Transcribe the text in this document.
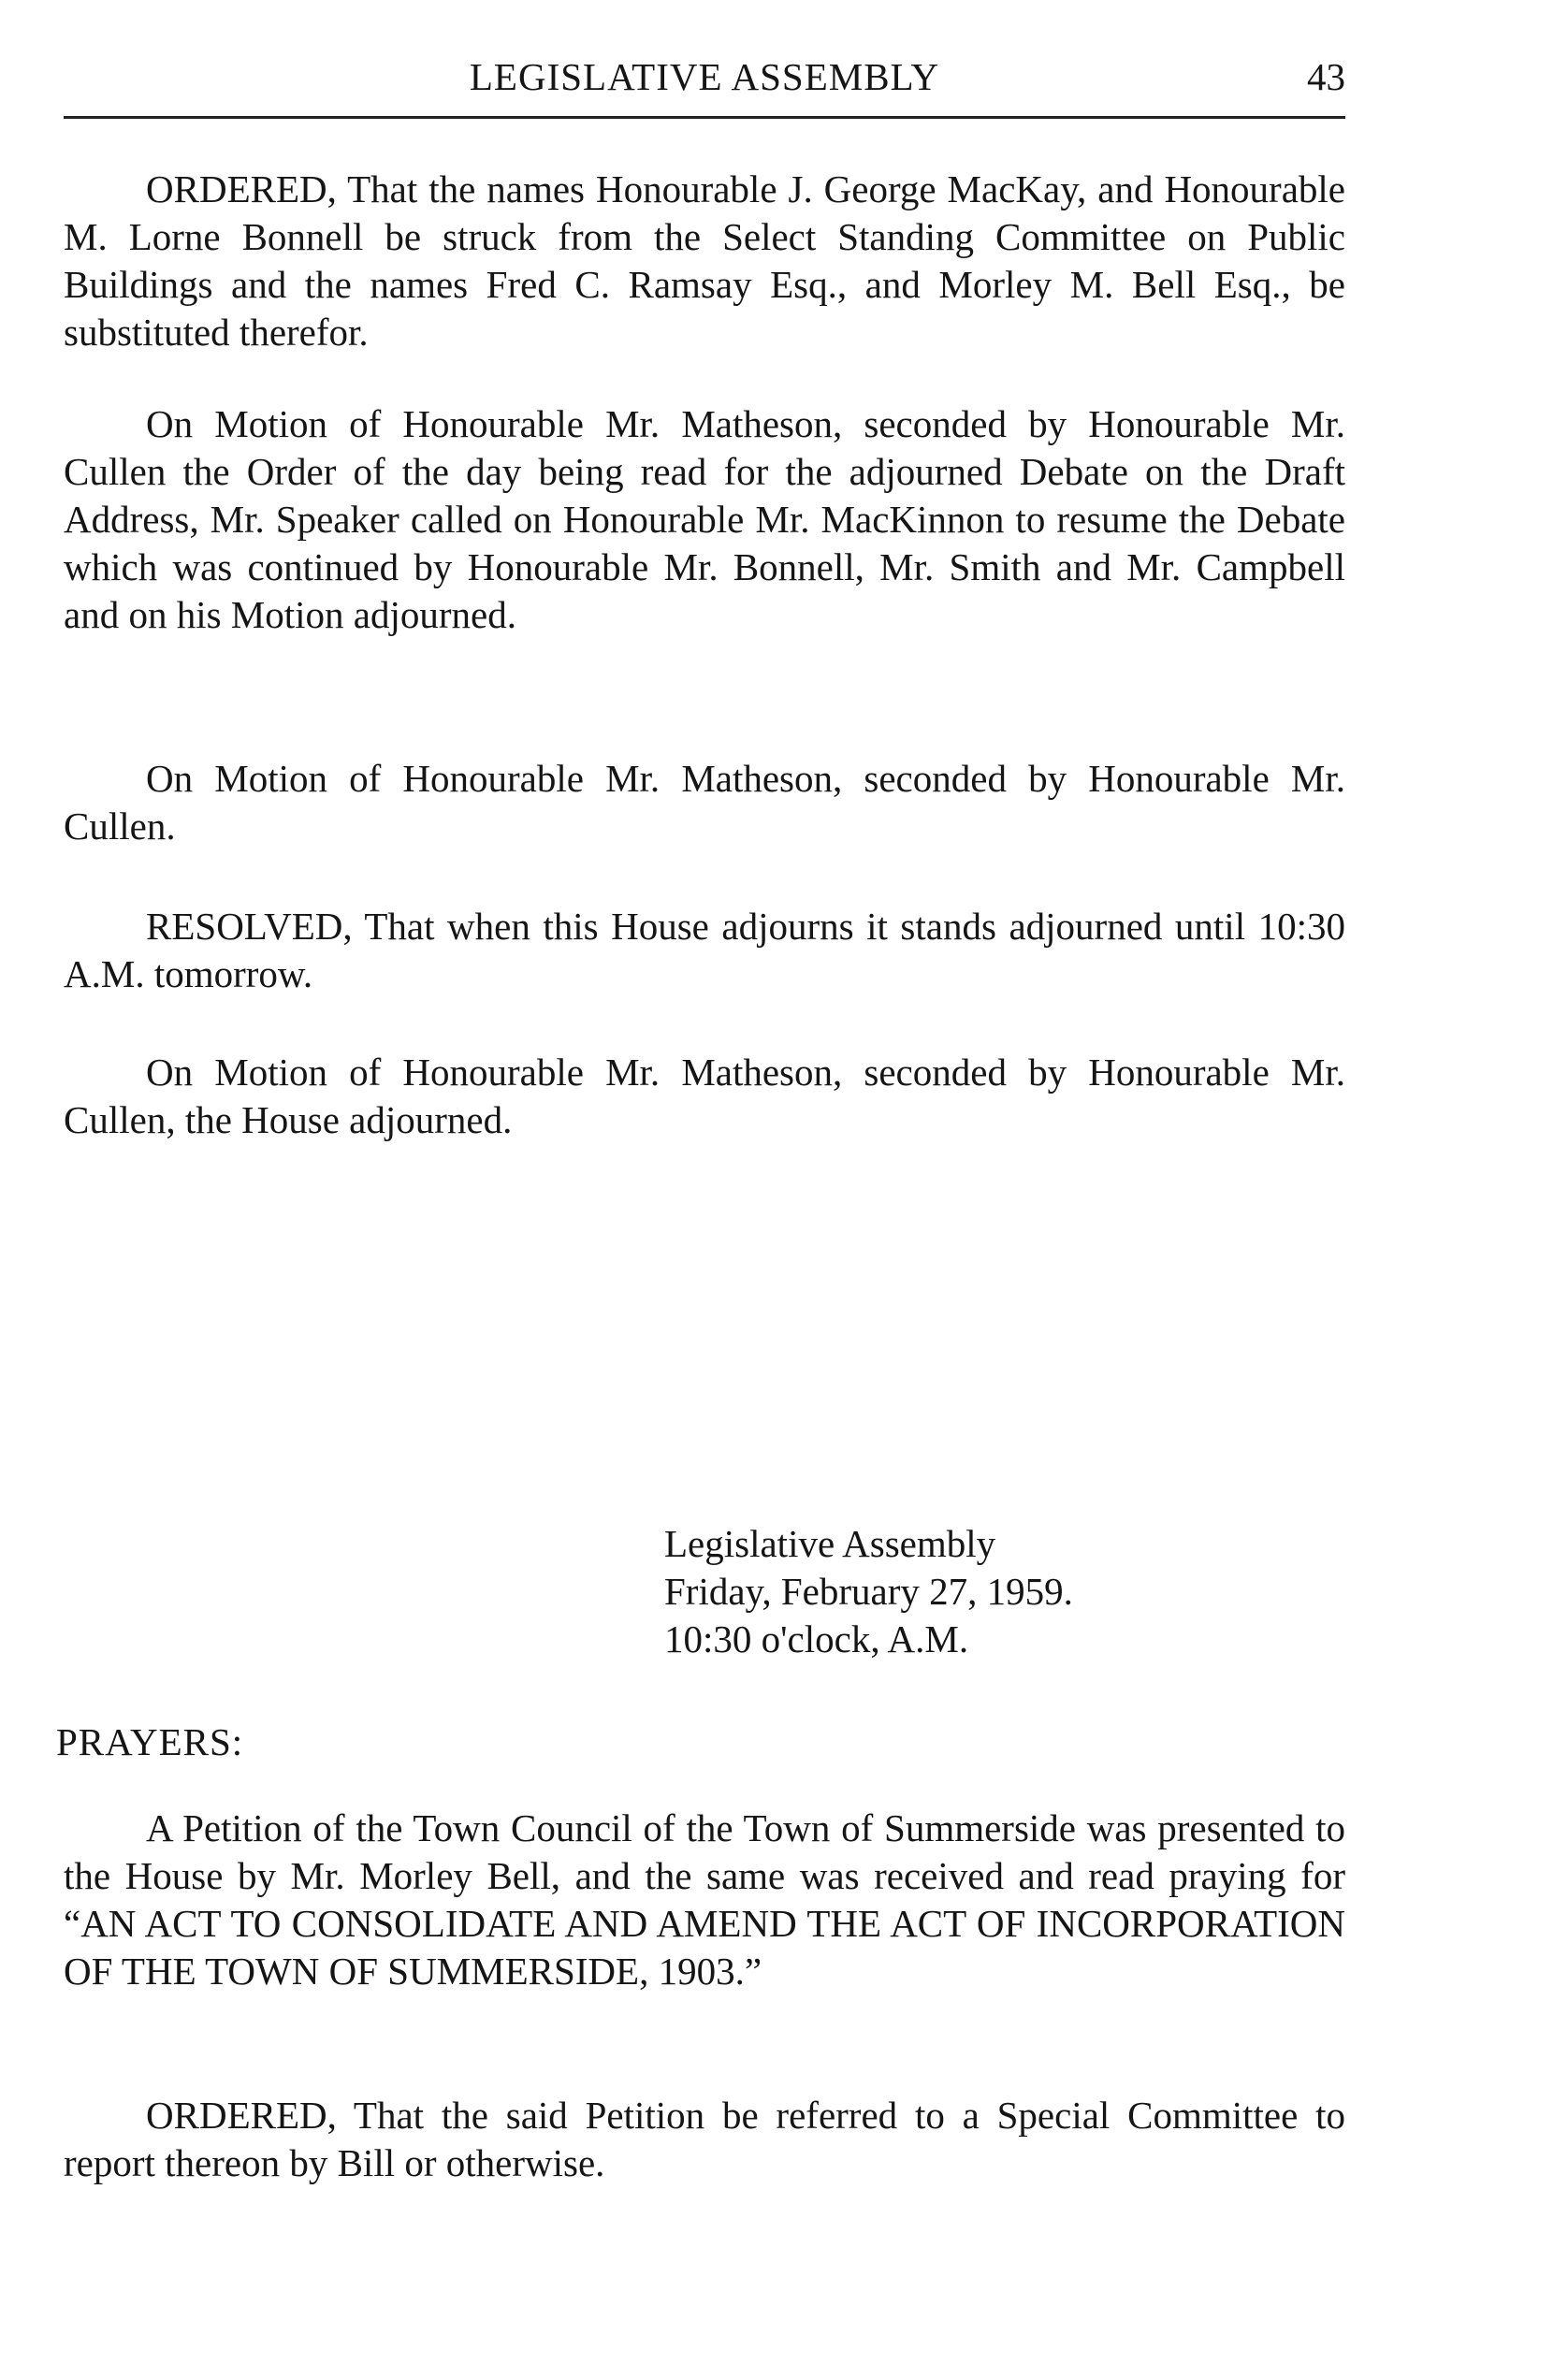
LEGISLATIVE ASSEMBLY	43

ORDERED, That the names Honourable J. George MacKay, and Honourable M. Lorne Bonnell be struck from the Select Standing Committee on Public Buildings and the names Fred C. Ramsay Esq., and Morley M. Bell Esq., be substituted therefor.

On Motion of Honourable Mr. Matheson, seconded by Honourable Mr. Cullen the Order of the day being read for the adjourned Debate on the Draft Address, Mr. Speaker called on Honourable Mr. MacKinnon to resume the Debate which was continued by Honourable Mr. Bonnell, Mr. Smith and Mr. Campbell and on his Motion adjourned.

On Motion of Honourable Mr. Matheson, seconded by Honourable Mr. Cullen.

RESOLVED, That when this House adjourns it stands adjourned until 10:30 A.M. tomorrow.

On Motion of Honourable Mr. Matheson, seconded by Honourable Mr. Cullen, the House adjourned.

Legislative Assembly
Friday, February 27, 1959.
10:30 o'clock, A.M.
PRAYERS:

A Petition of the Town Council of the Town of Summerside was presented to the House by Mr. Morley Bell, and the same was received and read praying for “AN ACT TO CONSOLIDATE AND AMEND THE ACT OF INCORPORATION OF THE TOWN OF SUMMERSIDE, 1903.”

ORDERED, That the said Petition be referred to a Special Committee to report thereon by Bill or otherwise.
